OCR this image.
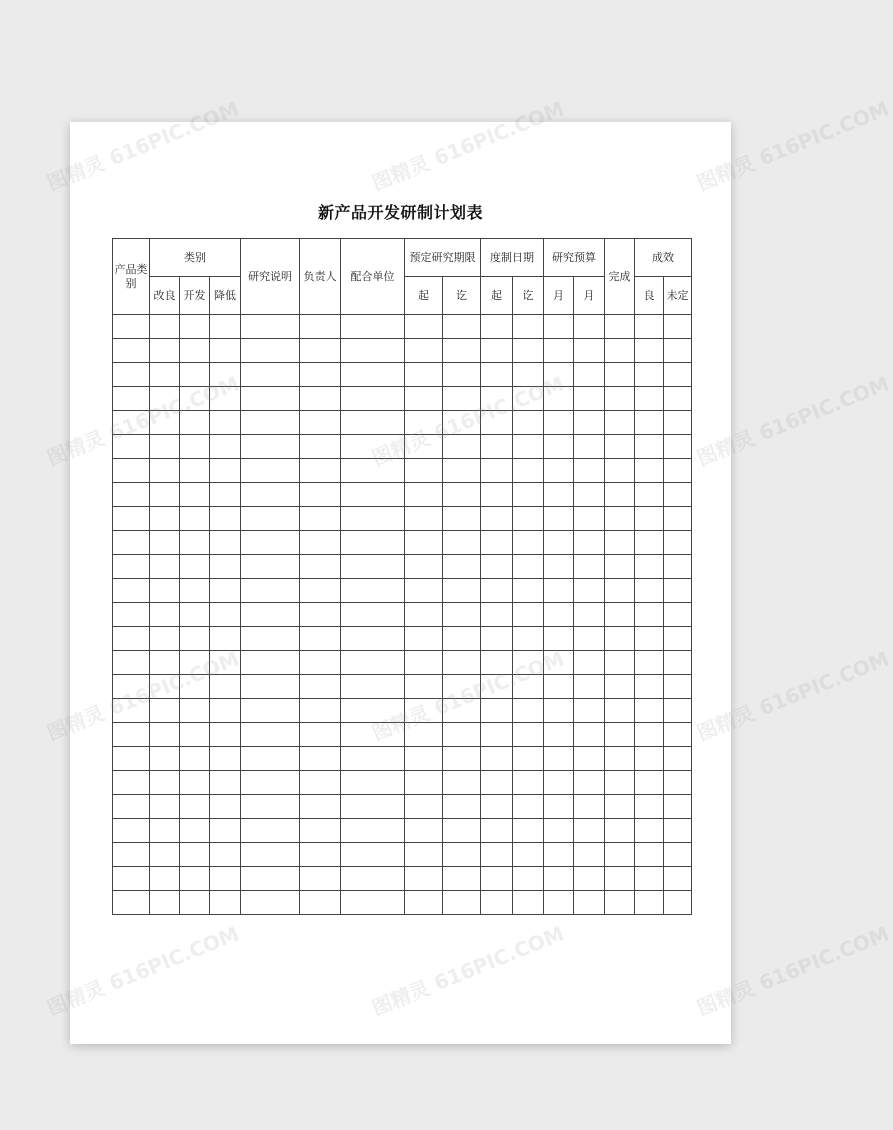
新产品开发研制计划表
产品类别	类别			研究说明	负责人	配合单位	预定研究期限		度制日期		研究预算		完成	成效	
	改良	开发	降低				起	讫	起	讫	月	月		良	未定

图精灵 616PIC.COM
图精灵 616PIC.COM
图精灵 616PIC.COM
图精灵 616PIC.COM
